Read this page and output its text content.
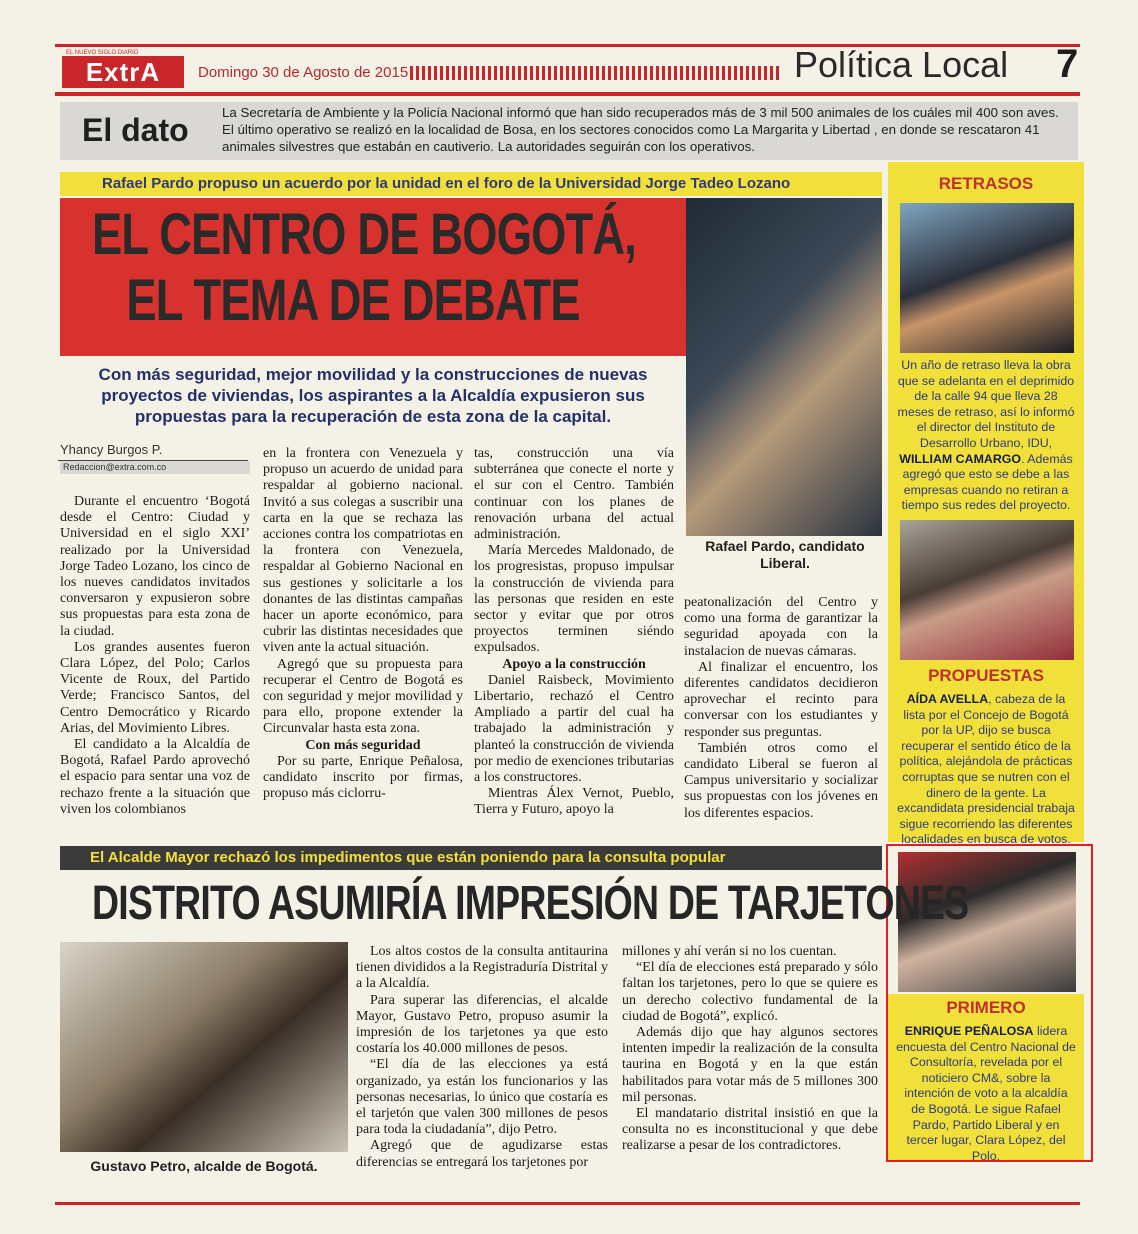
EL NUEVO SIGLO DIARIO
ExtrA	Domingo 30 de Agosto de 2015	Política Local 7
El dato	La Secretaría de Ambiente y la Policía Nacional informó que han sido recuperados más de 3 mil 500 animales de los cuáles mil 400 son aves. El último operativo se realizó en la localidad de Bosa, en los sectores conocidos como La Margarita y Libertad , en donde se rescataron 41 animales silvestres que estabán en cautiverio. La autoridades seguirán con los operativos.
Rafael Pardo propuso un acuerdo por la unidad en el foro de la Universidad Jorge Tadeo Lozano
EL CENTRO DE BOGOTÁ,
EL TEMA DE DEBATE
Rafael Pardo, candidato Liberal.
Con más seguridad, mejor movilidad y la construcciones de nuevas proyectos de viviendas, los aspirantes a la Alcaldía expusieron sus propuestas para la recuperación de esta zona de la capital.
Yhancy Burgos P.
Redaccion@extra.com.co

Durante el encuentro ‘Bogotá desde el Centro: Ciudad y Universidad en el siglo XXI’ realizado por la Universidad Jorge Tadeo Lozano, los cinco de los nueves candidatos invitados conversaron y expusieron sobre sus propuestas para esta zona de la ciudad.

Los grandes ausentes fueron Clara López, del Polo; Carlos Vicente de Roux, del Partido Verde; Francisco Santos, del Centro Democrático y Ricardo Arias, del Movimiento Libres.

El candidato a la Alcaldía de Bogotá, Rafael Pardo aprovechó el espacio para sentar una voz de rechazo frente a la situación que viven los colombianos

en la frontera con Venezuela y propuso un acuerdo de unidad para respaldar al gobierno nacional. Invitó a sus colegas a suscribir una carta en la que se rechaza las acciones contra los compatriotas en la frontera con Venezuela, respaldar al Gobierno Nacional en sus gestiones y solicitarle a los donantes de las distintas campañas hacer un aporte económico, para cubrir las distintas necesidades que viven ante la actual situación.

Agregó que su propuesta para recuperar el Centro de Bogotá es con seguridad y mejor movilidad y para ello, propone extender la Circunvalar hasta esta zona.

Con más seguridad

Por su parte, Enrique Peñalosa, candidato inscrito por firmas, propuso más ciclorru-

tas, construcción una vía subterránea que conecte el norte y el sur con el Centro. También continuar con los planes de renovación urbana del actual administración.

María Mercedes Maldonado, de los progresistas, propuso impulsar la construcción de vivienda para las personas que residen en este sector y evitar que por otros proyectos terminen siéndo expulsados.

Apoyo a la construcción

Daniel Raisbeck, Movimiento Libertario, rechazó el Centro Ampliado a partir del cual ha trabajado la administración y planteó la construcción de vivienda por medio de exenciones tributarias a los constructores.

Mientras Álex Vernot, Pueblo, Tierra y Futuro, apoyo la

peatonalización del Centro y como una forma de garantizar la seguridad apoyada con la instalacion de nuevas cámaras.

Al finalizar el encuentro, los diferentes candidatos decidieron aprovechar el recinto para conversar con los estudiantes y responder sus preguntas.

También otros como el candidato Liberal se fueron al Campus universitario y socializar sus propuestas con los jóvenes en los diferentes espacios.

RETRASOS
Un año de retraso lleva la obra que se adelanta en el deprimido de la calle 94 que lleva 28 meses de retraso, así lo informó el director del Instituto de Desarrollo Urbano, IDU, WILLIAM CAMARGO. Además agregó que esto se debe a las empresas cuando no retiran a tiempo sus redes del proyecto.
PROPUESTAS
AÍDA AVELLA, cabeza de la lista por el Concejo de Bogotá por la UP, dijo se busca recuperar el sentido ético de la política, alejándola de prácticas corruptas que se nutren con el dinero de la gente. La excandidata presidencial trabaja sigue recorriendo las diferentes localidades en busca de votos.
PRIMERO
ENRIQUE PEÑALOSA lidera encuesta del Centro Nacional de Consultoría, revelada por el noticiero CM&, sobre la intención de voto a la alcaldía de Bogotá. Le sigue Rafael Pardo, Partido Liberal y en tercer lugar, Clara López, del Polo.
El Alcalde Mayor rechazó los impedimentos que están poniendo para la consulta popular
DISTRITO ASUMIRÍA IMPRESIÓN DE TARJETONES
Gustavo Petro, alcalde de Bogotá.

Los altos costos de la consulta antitaurina tienen divididos a la Registraduría Distrital y a la Alcaldía.

Para superar las diferencias, el alcalde Mayor, Gustavo Petro, propuso asumir la impresión de los tarjetones ya que esto costaría los 40.000 millones de pesos.

“El día de las elecciones ya está organizado, ya están los funcionarios y las personas necesarias, lo único que costaría es el tarjetón que valen 300 millones de pesos para toda la ciudadanía”, dijo Petro.

Agregó que de agudizarse estas diferencias se entregará los tarjetones por

millones y ahí verán si no los cuentan.

“El día de elecciones está preparado y sólo faltan los tarjetones, pero lo que se quiere es un derecho colectivo fundamental de la ciudad de Bogotá”, explicó.

Además dijo que hay algunos sectores intenten impedir la realización de la consulta taurina en Bogotá y en la que están habilitados para votar más de 5 millones 300 mil personas.

El mandatario distrital insistió en que la consulta no es inconstitucional y que debe realizarse a pesar de los contradictores.
